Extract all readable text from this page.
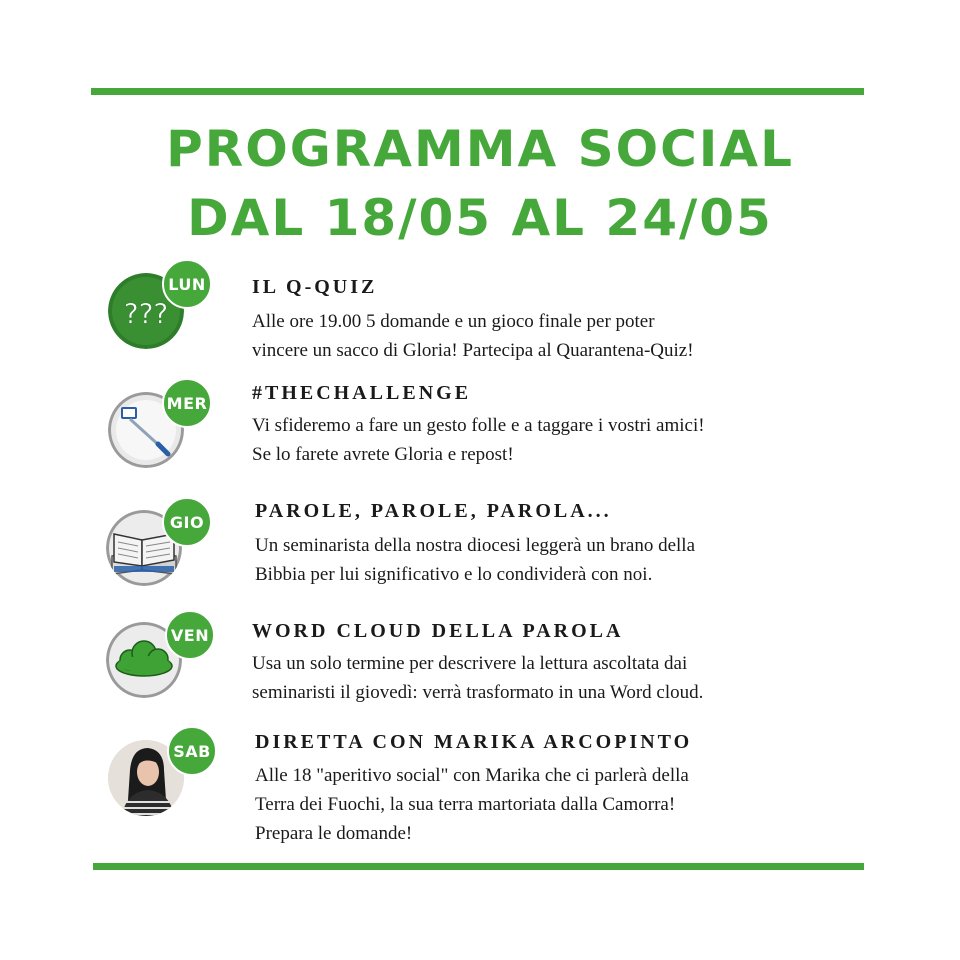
PROGRAMMA SOCIAL
DAL 18/05 AL 24/05
???
LUN	IL Q-QUIZ
Alle ore 19.00 5 domande e un gioco finale per poter
vincere un sacco di Gloria! Partecipa al Quarantena-Quiz!
MER #THECHALLENGE
Vi sfideremo a fare un gesto folle e a taggare i vostri amici!
Se lo farete avrete Gloria e repost!
GIO	PAROLE, PAROLE, PAROLA...
Un seminarista della nostra diocesi leggerà un brano della
Bibbia per lui significativo e lo condividerà con noi.
VEN WORD CLOUD DELLA PAROLA
Usa un solo termine per descrivere la lettura ascoltata dai
seminaristi il giovedì: verrà trasformato in una Word cloud.
SAB	DIRETTA CON MARIKA ARCOPINTO
Alle 18 "aperitivo social" con Marika che ci parlerà della
Terra dei Fuochi, la sua terra martoriata dalla Camorra!
Prepara le domande!
